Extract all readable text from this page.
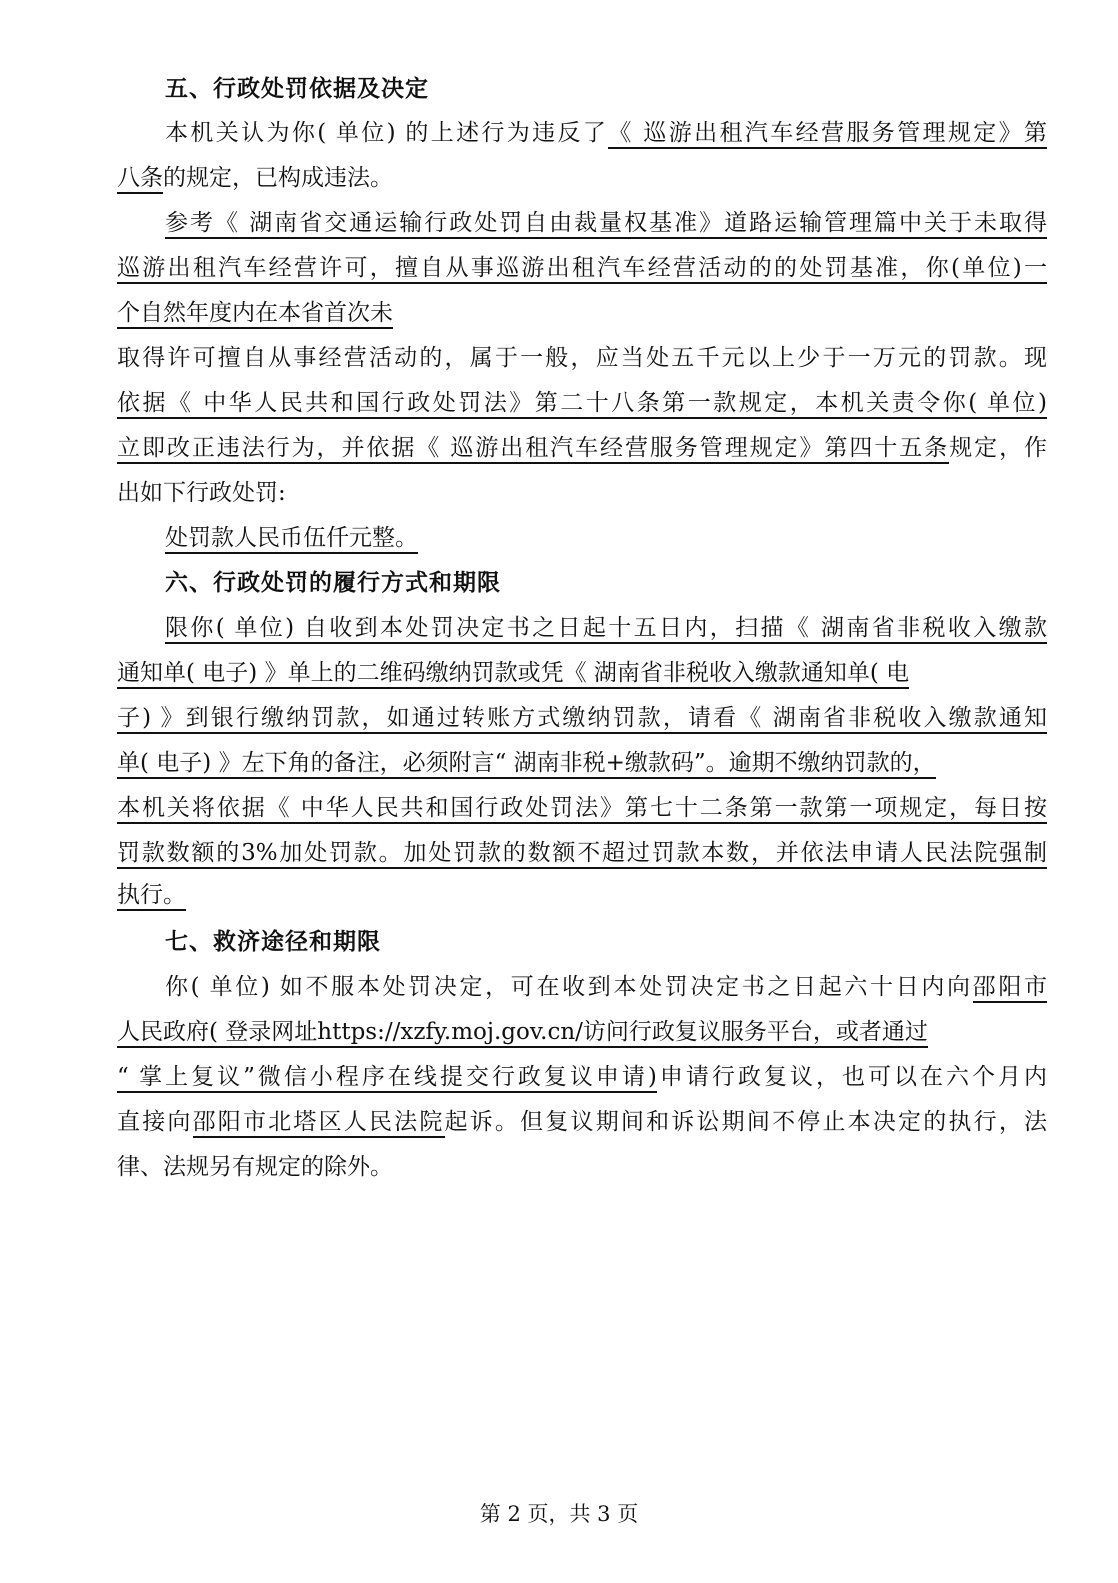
五、行政处罚依据及决定
本机关认为你( 单位) 的上述行为违反了《 巡游出租汽车经营服务管理规定》第
八条的规定，已构成违法。
参考《 湖南省交通运输行政处罚自由裁量权基准》道路运输管理篇中关于未取得
巡游出租汽车经营许可，擅自从事巡游出租汽车经营活动的的处罚基准，你(单位)一
个自然年度内在本省首次未
取得许可擅自从事经营活动的，属于一般，应当处五千元以上少于一万元的罚款。现
依据《 中华人民共和国行政处罚法》第二十八条第一款规定，本机关责令你( 单位)
立即改正违法行为，并依据《 巡游出租汽车经营服务管理规定》第四十五条规定，作
出如下行政处罚:
处罚款人民币伍仟元整。
六、行政处罚的履行方式和期限
限你( 单位) 自收到本处罚决定书之日起十五日内，扫描《 湖南省非税收入缴款
通知单( 电子) 》单上的二维码缴纳罚款或凭《 湖南省非税收入缴款通知单( 电
子) 》到银行缴纳罚款，如通过转账方式缴纳罚款，请看《 湖南省非税收入缴款通知
单( 电子) 》左下角的备注，必须附言“ 湖南非税+缴款码”。逾期不缴纳罚款的，
本机关将依据《 中华人民共和国行政处罚法》第七十二条第一款第一项规定，每日按
罚款数额的3%加处罚款。加处罚款的数额不超过罚款本数，并依法申请人民法院强制
执行。
七、救济途径和期限
你( 单位) 如不服本处罚决定，可在收到本处罚决定书之日起六十日内向邵阳市
人民政府( 登录网址https://xzfy.moj.gov.cn/访问行政复议服务平台，或者通过
“ 掌上复议”微信小程序在线提交行政复议申请)申请行政复议，也可以在六个月内
直接向邵阳市北塔区人民法院起诉。但复议期间和诉讼期间不停止本决定的执行，法
律、法规另有规定的除外。
第 2 页，共 3 页
